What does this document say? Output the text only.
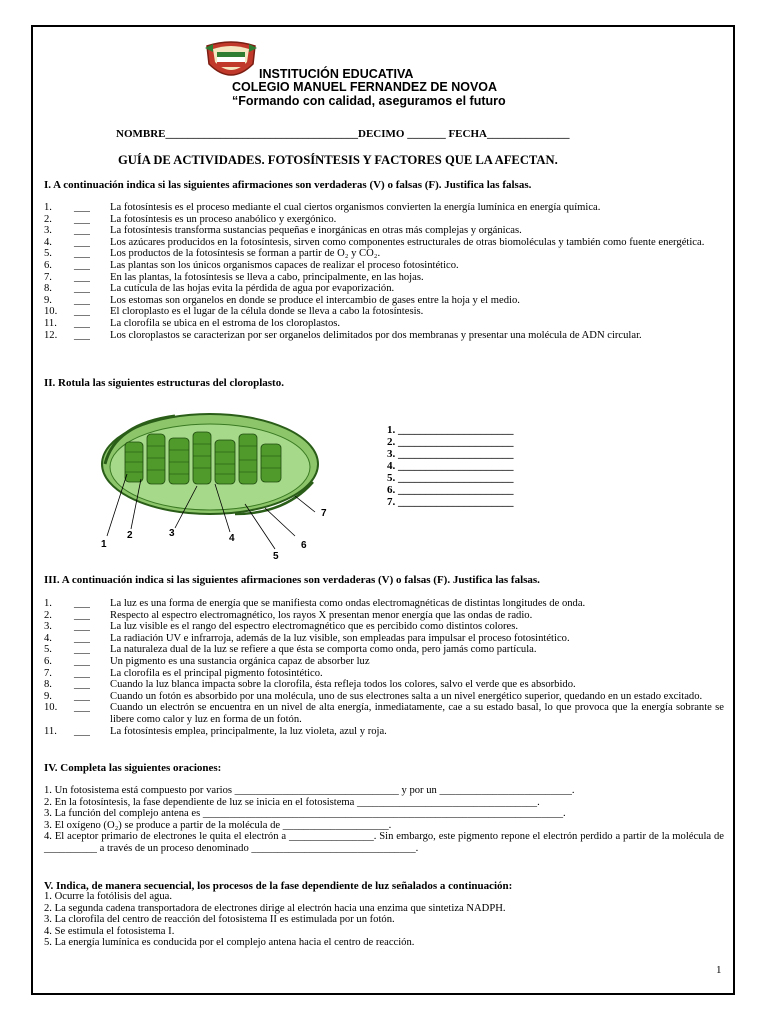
INSTITUCIÓN EDUCATIVA
COLEGIO MANUEL FERNANDEZ DE NOVOA
“Formando con calidad, aseguramos el futuro
NOMBRE___________________________________DECIMO _______ FECHA_______________
GUÍA DE ACTIVIDADES. FOTOSÍNTESIS Y FACTORES QUE LA AFECTAN.
I. A continuación indica si las siguientes afirmaciones son verdaderas (V) o falsas (F). Justifica las falsas.
1.	___	La fotosíntesis es el proceso mediante el cual ciertos organismos convierten la energía lumínica en energía química.
2.	___	La fotosíntesis es un proceso anabólico y exergónico.
3.	___	La fotosíntesis transforma sustancias pequeñas e inorgánicas en otras más complejas y orgánicas.
4.	___	Los azúcares producidos en la fotosíntesis, sirven como componentes estructurales de otras biomoléculas y también como fuente energética.
5.	___	Los productos de la fotosíntesis se forman a partir de O₂ y CO₂.
6.	___	Las plantas son los únicos organismos capaces de realizar el proceso fotosintético.
7.	___	En las plantas, la fotosíntesis se lleva a cabo, principalmente, en las hojas.
8.	___	La cutícula de las hojas evita la pérdida de agua por evaporización.
9.	___	Los estomas son organelos en donde se produce el intercambio de gases entre la hoja y el medio.
10.	___	El cloroplasto es el lugar de la célula donde se lleva a cabo la fotosíntesis.
11.	___	La clorofila se ubica en el estroma de los cloroplastos.
12.	___	Los cloroplastos se caracterizan por ser organelos delimitados por dos membranas y presentar una molécula de ADN circular.
II. Rotula las siguientes estructuras del cloroplasto.
1
2	3	4
5
6
7
1. _____________________
2. _____________________
3. _____________________
4. _____________________
5. _____________________
6. _____________________
7. _____________________
III. A continuación indica si las siguientes afirmaciones son verdaderas (V) o falsas (F). Justifica las falsas.
1.	___	La luz es una forma de energía que se manifiesta como ondas electromagnéticas de distintas longitudes de onda.
2.	___	Respecto al espectro electromagnético, los rayos X presentan menor energía que las ondas de radio.
3.	___	La luz visible es el rango del espectro electromagnético que es percibido como distintos colores.
4.	___	La radiación UV e infrarroja, además de la luz visible, son empleadas para impulsar el proceso fotosintético.
5.	___	La naturaleza dual de la luz se refiere a que ésta se comporta como onda, pero jamás como partícula.
6.	___	Un pigmento es una sustancia orgánica capaz de absorber luz
7.	___	La clorofila es el principal pigmento fotosintético.
8.	___	Cuando la luz blanca impacta sobre la clorofila, ésta refleja todos los colores, salvo el verde que es absorbido.
9.	___	Cuando un fotón es absorbido por una molécula, uno de sus electrones salta a un nivel energético superior, quedando en un estado excitado.
10.	___	Cuando un electrón se encuentra en un nivel de alta energía, inmediatamente, cae a su estado basal, lo que provoca que la energía sobrante se libere como calor y luz en forma de un fotón.
11.	___	La fotosíntesis emplea, principalmente, la luz violeta, azul y roja.
IV. Completa las siguientes oraciones:
1. Un fotosistema está compuesto por varios _______________________________ y por un _________________________.
2. En la fotosíntesis, la fase dependiente de luz se inicia en el fotosistema __________________________________.
3. La función del complejo antena es ____________________________________________________________________.
3. El oxígeno (O₂) se produce a partir de la molécula de ____________________.
4. El aceptor primario de electrones le quita el electrón a ________________. Sin embargo, este pigmento repone el electrón perdido a partir de la molécula de __________ a través de un proceso denominado _______________________________.
V. Indica, de manera secuencial, los procesos de la fase dependiente de luz señalados a continuación:
1. Ocurre la fotólisis del agua.
2. La segunda cadena transportadora de electrones dirige al electrón hacia una enzima que sintetiza NADPH.
3. La clorofila del centro de reacción del fotosistema II es estimulada por un fotón.
4. Se estimula el fotosistema I.
5. La energía lumínica es conducida por el complejo antena hacia el centro de reacción.
1
